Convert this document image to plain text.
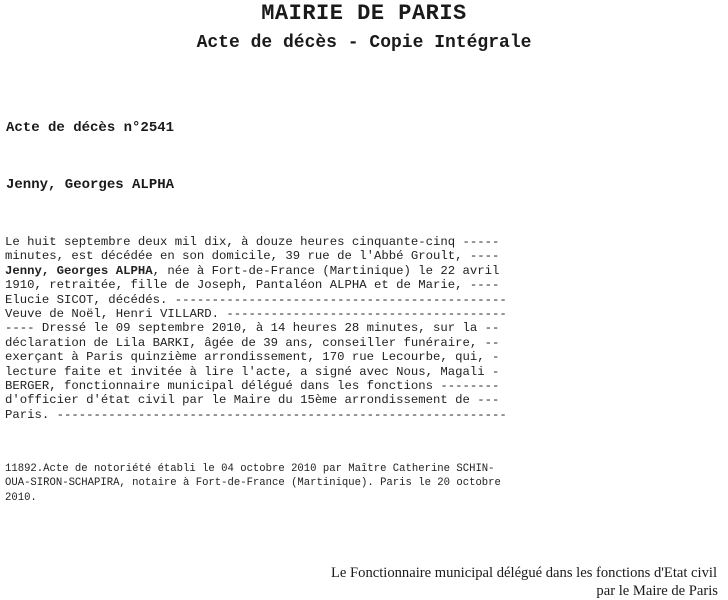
MAIRIE DE PARIS
Acte de décès - Copie Intégrale
Acte de décès n°2541
Jenny, Georges ALPHA
Le huit septembre deux mil dix, à douze heures cinquante-cinq -----
minutes, est décédée en son domicile, 39 rue de l'Abbé Groult, ----
Jenny, Georges ALPHA, née à Fort-de-France (Martinique) le 22 avril
1910, retraitée, fille de Joseph, Pantaléon ALPHA et de Marie, ----
Elucie SICOT, décédés. ---------------------------------------------
Veuve de Noël, Henri VILLARD. --------------------------------------
---- Dressé le 09 septembre 2010, à 14 heures 28 minutes, sur la --
déclaration de Lila BARKI, âgée de 39 ans, conseiller funéraire, --
exerçant à Paris quinzième arrondissement, 170 rue Lecourbe, qui, -
lecture faite et invitée à lire l'acte, a signé avec Nous, Magali -
BERGER, fonctionnaire municipal délégué dans les fonctions --------
d'officier d'état civil par le Maire du 15ème arrondissement de ---
Paris. -------------------------------------------------------------
11892.Acte de notoriété établi le 04 octobre 2010 par Maître Catherine SCHIN-
OUA-SIRON-SCHAPIRA, notaire à Fort-de-France (Martinique). Paris le 20 octobre
2010.
Le Fonctionnaire municipal délégué dans les fonctions d'Etat civil
par le Maire de Paris
